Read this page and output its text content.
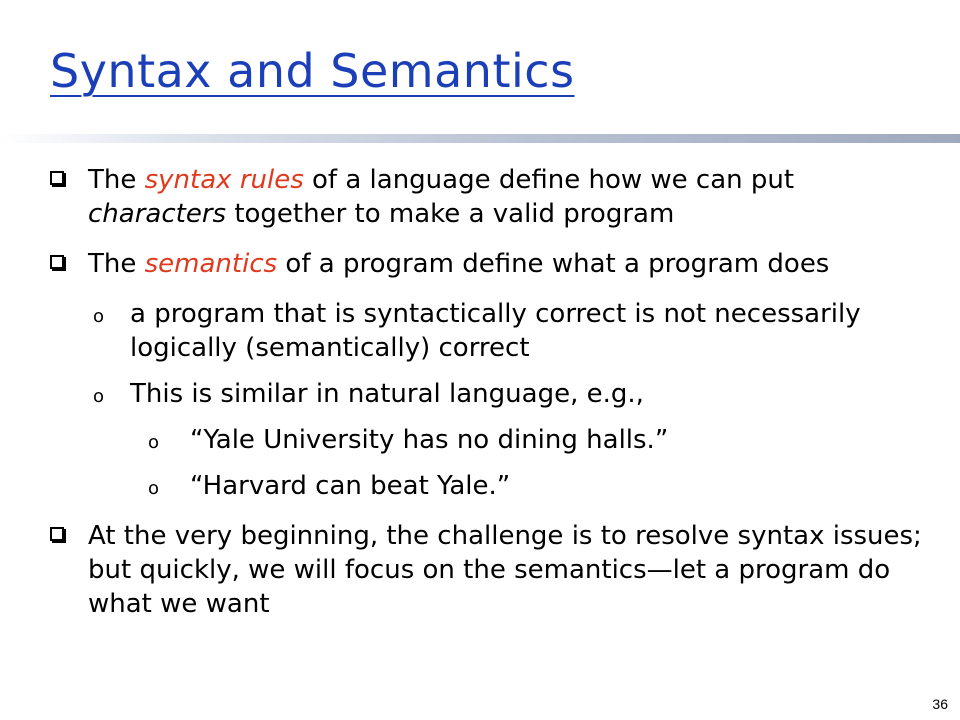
Syntax and Semantics
The syntax rules of a language define how we can put characters together to make a valid program
The semantics of a program define what a program does
o a program that is syntactically correct is not necessarily logically (semantically) correct
o This is similar in natural language, e.g.,
o “Yale University has no dining halls.”
o “Harvard can beat Yale.”
At the very beginning, the challenge is to resolve syntax issues; but quickly, we will focus on the semantics—let a program do what we want
36
